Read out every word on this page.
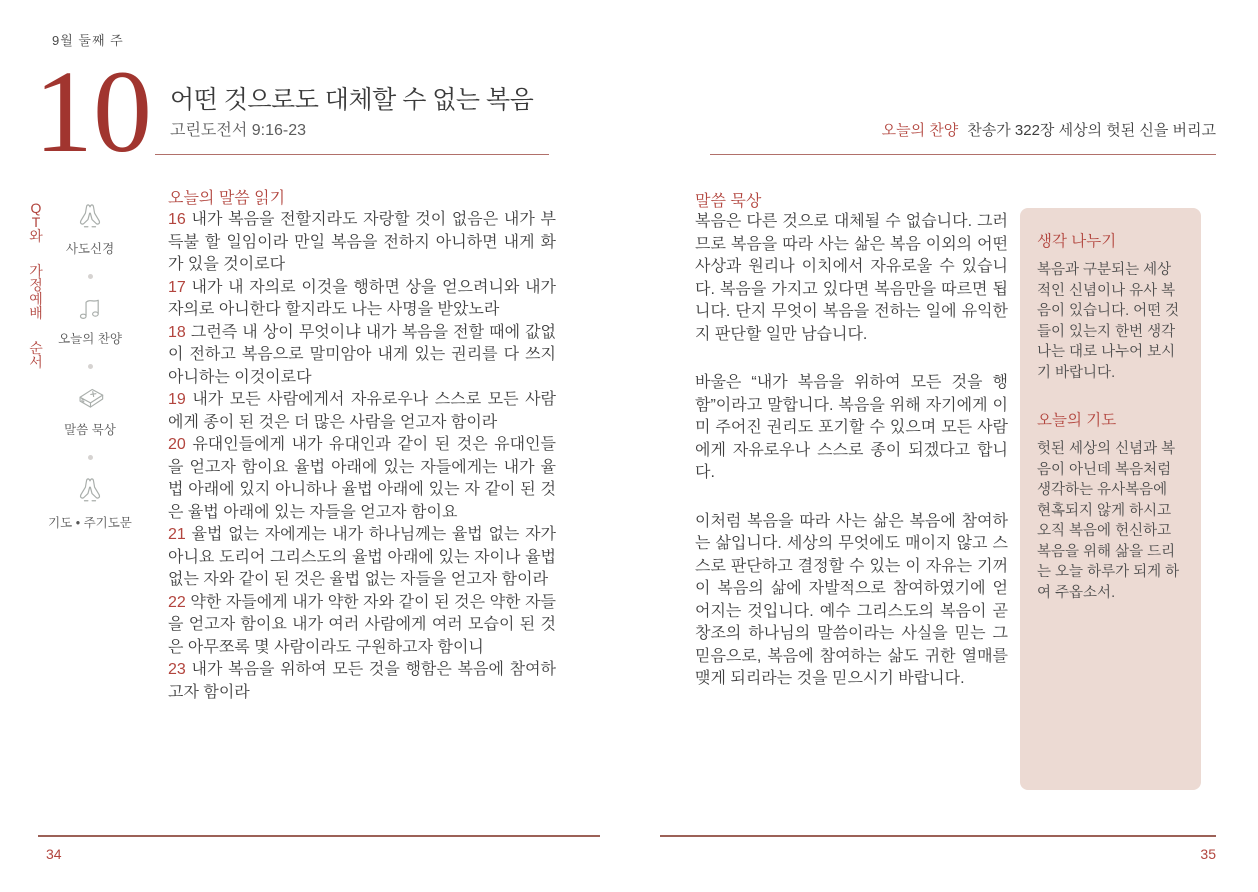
9월 둘째 주
10 어떤 것으로도 대체할 수 없는 복음
고린도전서 9:16-23	오늘의 찬양 찬송가 322장 세상의 헛된 신을 버리고
Q
T
와
가
정
예
배
순
서
사도신경
오늘의 찬양
말씀 묵상
기도 • 주기도문
오늘의 말씀 읽기

16 내가 복음을 전할지라도 자랑할 것이 없음은 내가 부득불 할 일임이라 만일 복음을 전하지 아니하면 내게 화가 있을 것이로다

17 내가 내 자의로 이것을 행하면 상을 얻으려니와 내가 자의로 아니한다 할지라도 나는 사명을 받았노라

18 그런즉 내 상이 무엇이냐 내가 복음을 전할 때에 값없이 전하고 복음으로 말미암아 내게 있는 권리를 다 쓰지 아니하는 이것이로다

19 내가 모든 사람에게서 자유로우나 스스로 모든 사람에게 종이 된 것은 더 많은 사람을 얻고자 함이라

20 유대인들에게 내가 유대인과 같이 된 것은 유대인들을 얻고자 함이요 율법 아래에 있는 자들에게는 내가 율법 아래에 있지 아니하나 율법 아래에 있는 자 같이 된 것은 율법 아래에 있는 자들을 얻고자 함이요

21 율법 없는 자에게는 내가 하나님께는 율법 없는 자가 아니요 도리어 그리스도의 율법 아래에 있는 자이나 율법 없는 자와 같이 된 것은 율법 없는 자들을 얻고자 함이라

22 약한 자들에게 내가 약한 자와 같이 된 것은 약한 자들을 얻고자 함이요 내가 여러 사람에게 여러 모습이 된 것은 아무쪼록 몇 사람이라도 구원하고자 함이니

23 내가 복음을 위하여 모든 것을 행함은 복음에 참여하고자 함이라

말씀 묵상

복음은 다른 것으로 대체될 수 없습니다. 그러므로 복음을 따라 사는 삶은 복음 이외의 어떤 사상과 원리나 이치에서 자유로울 수 있습니다. 복음을 가지고 있다면 복음만을 따르면 됩니다. 단지 무엇이 복음을 전하는 일에 유익한지 판단할 일만 남습니다.

바울은 “내가 복음을 위하여 모든 것을 행함”이라고 말합니다. 복음을 위해 자기에게 이미 주어진 권리도 포기할 수 있으며 모든 사람에게 자유로우나 스스로 종이 되겠다고 합니다.

이처럼 복음을 따라 사는 삶은 복음에 참여하는 삶입니다. 세상의 무엇에도 매이지 않고 스스로 판단하고 결정할 수 있는 이 자유는 기꺼이 복음의 삶에 자발적으로 참여하였기에 얻어지는 것입니다. 예수 그리스도의 복음이 곧 창조의 하나님의 말씀이라는 사실을 믿는 그 믿음으로, 복음에 참여하는 삶도 귀한 열매를 맺게 되리라는 것을 믿으시기 바랍니다.

생각 나누기

복음과 구분되는 세상적인 신념이나 유사 복음이 있습니다. 어떤 것들이 있는지 한번 생각나는 대로 나누어 보시기 바랍니다.

오늘의 기도

헛된 세상의 신념과 복음이 아닌데 복음처럼 생각하는 유사복음에 현혹되지 않게 하시고 오직 복음에 헌신하고 복음을 위해 삶을 드리는 오늘 하루가 되게 하여 주옵소서.

34	35
